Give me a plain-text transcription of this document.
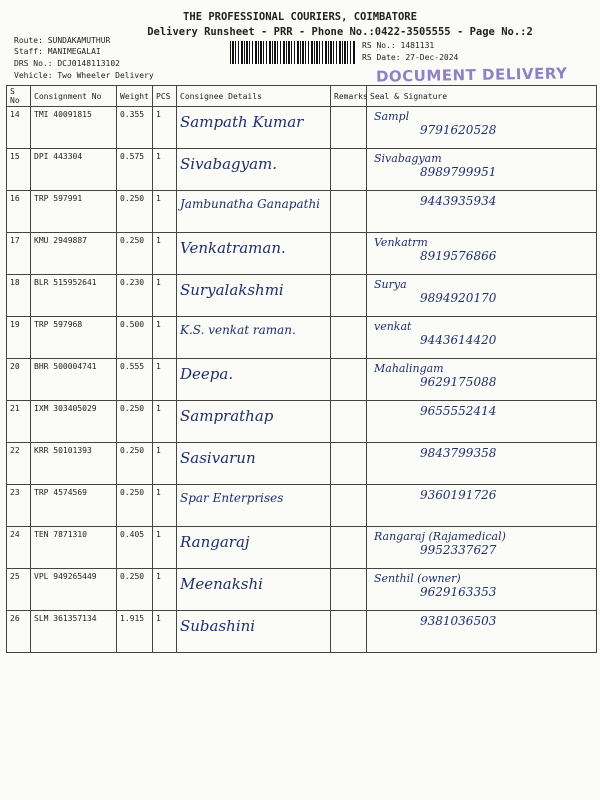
THE PROFESSIONAL COURIERS, COIMBATORE
Delivery Runsheet - PRR - Phone No.:0422-3505555 - Page No.:2
Route: SUNDAKAMUTHUR
Staff: MANIMEGALAI
DRS No.: DCJ0148113102
Vehicle: Two Wheeler Delivery
RS No.: 1481131
RS Date: 27-Dec-2024
DOCUMENT DELIVERY
S No	Consignment No	Weight	PCS	Consignee Details	Remarks	Seal & Signature
14	TMI 40091815	0.355	1	Sampath Kumar		Sampl
9791620528

15	DPI 443304	0.575	1	Sivabagyam.		Sivabagyam
8989799951

16	TRP 597991	0.250	1	Jambunatha Ganapathi		9443935934

17	KMU 2949887	0.250	1	Venkatraman.		Venkatrm
8919576866

18	BLR 515952641	0.230	1	Suryalakshmi		Surya
9894920170

19	TRP 597968	0.500	1	K.S. venkat raman.		venkat
9443614420

20	BHR 500004741	0.555	1	Deepa.		Mahalingam
9629175088

21	IXM 303405029	0.250	1	Samprathap		9655552414

22	KRR 50101393	0.250	1	Sasivarun		9843799358

23	TRP 4574569	0.250	1	Spar Enterprises		9360191726

24	TEN 7871310	0.405	1	Rangaraj		Rangaraj (Rajamedical)
9952337627

25	VPL 949265449	0.250	1	Meenakshi		Senthil (owner)
9629163353

26	SLM 361357134	1.915	1	Subashini		9381036503
